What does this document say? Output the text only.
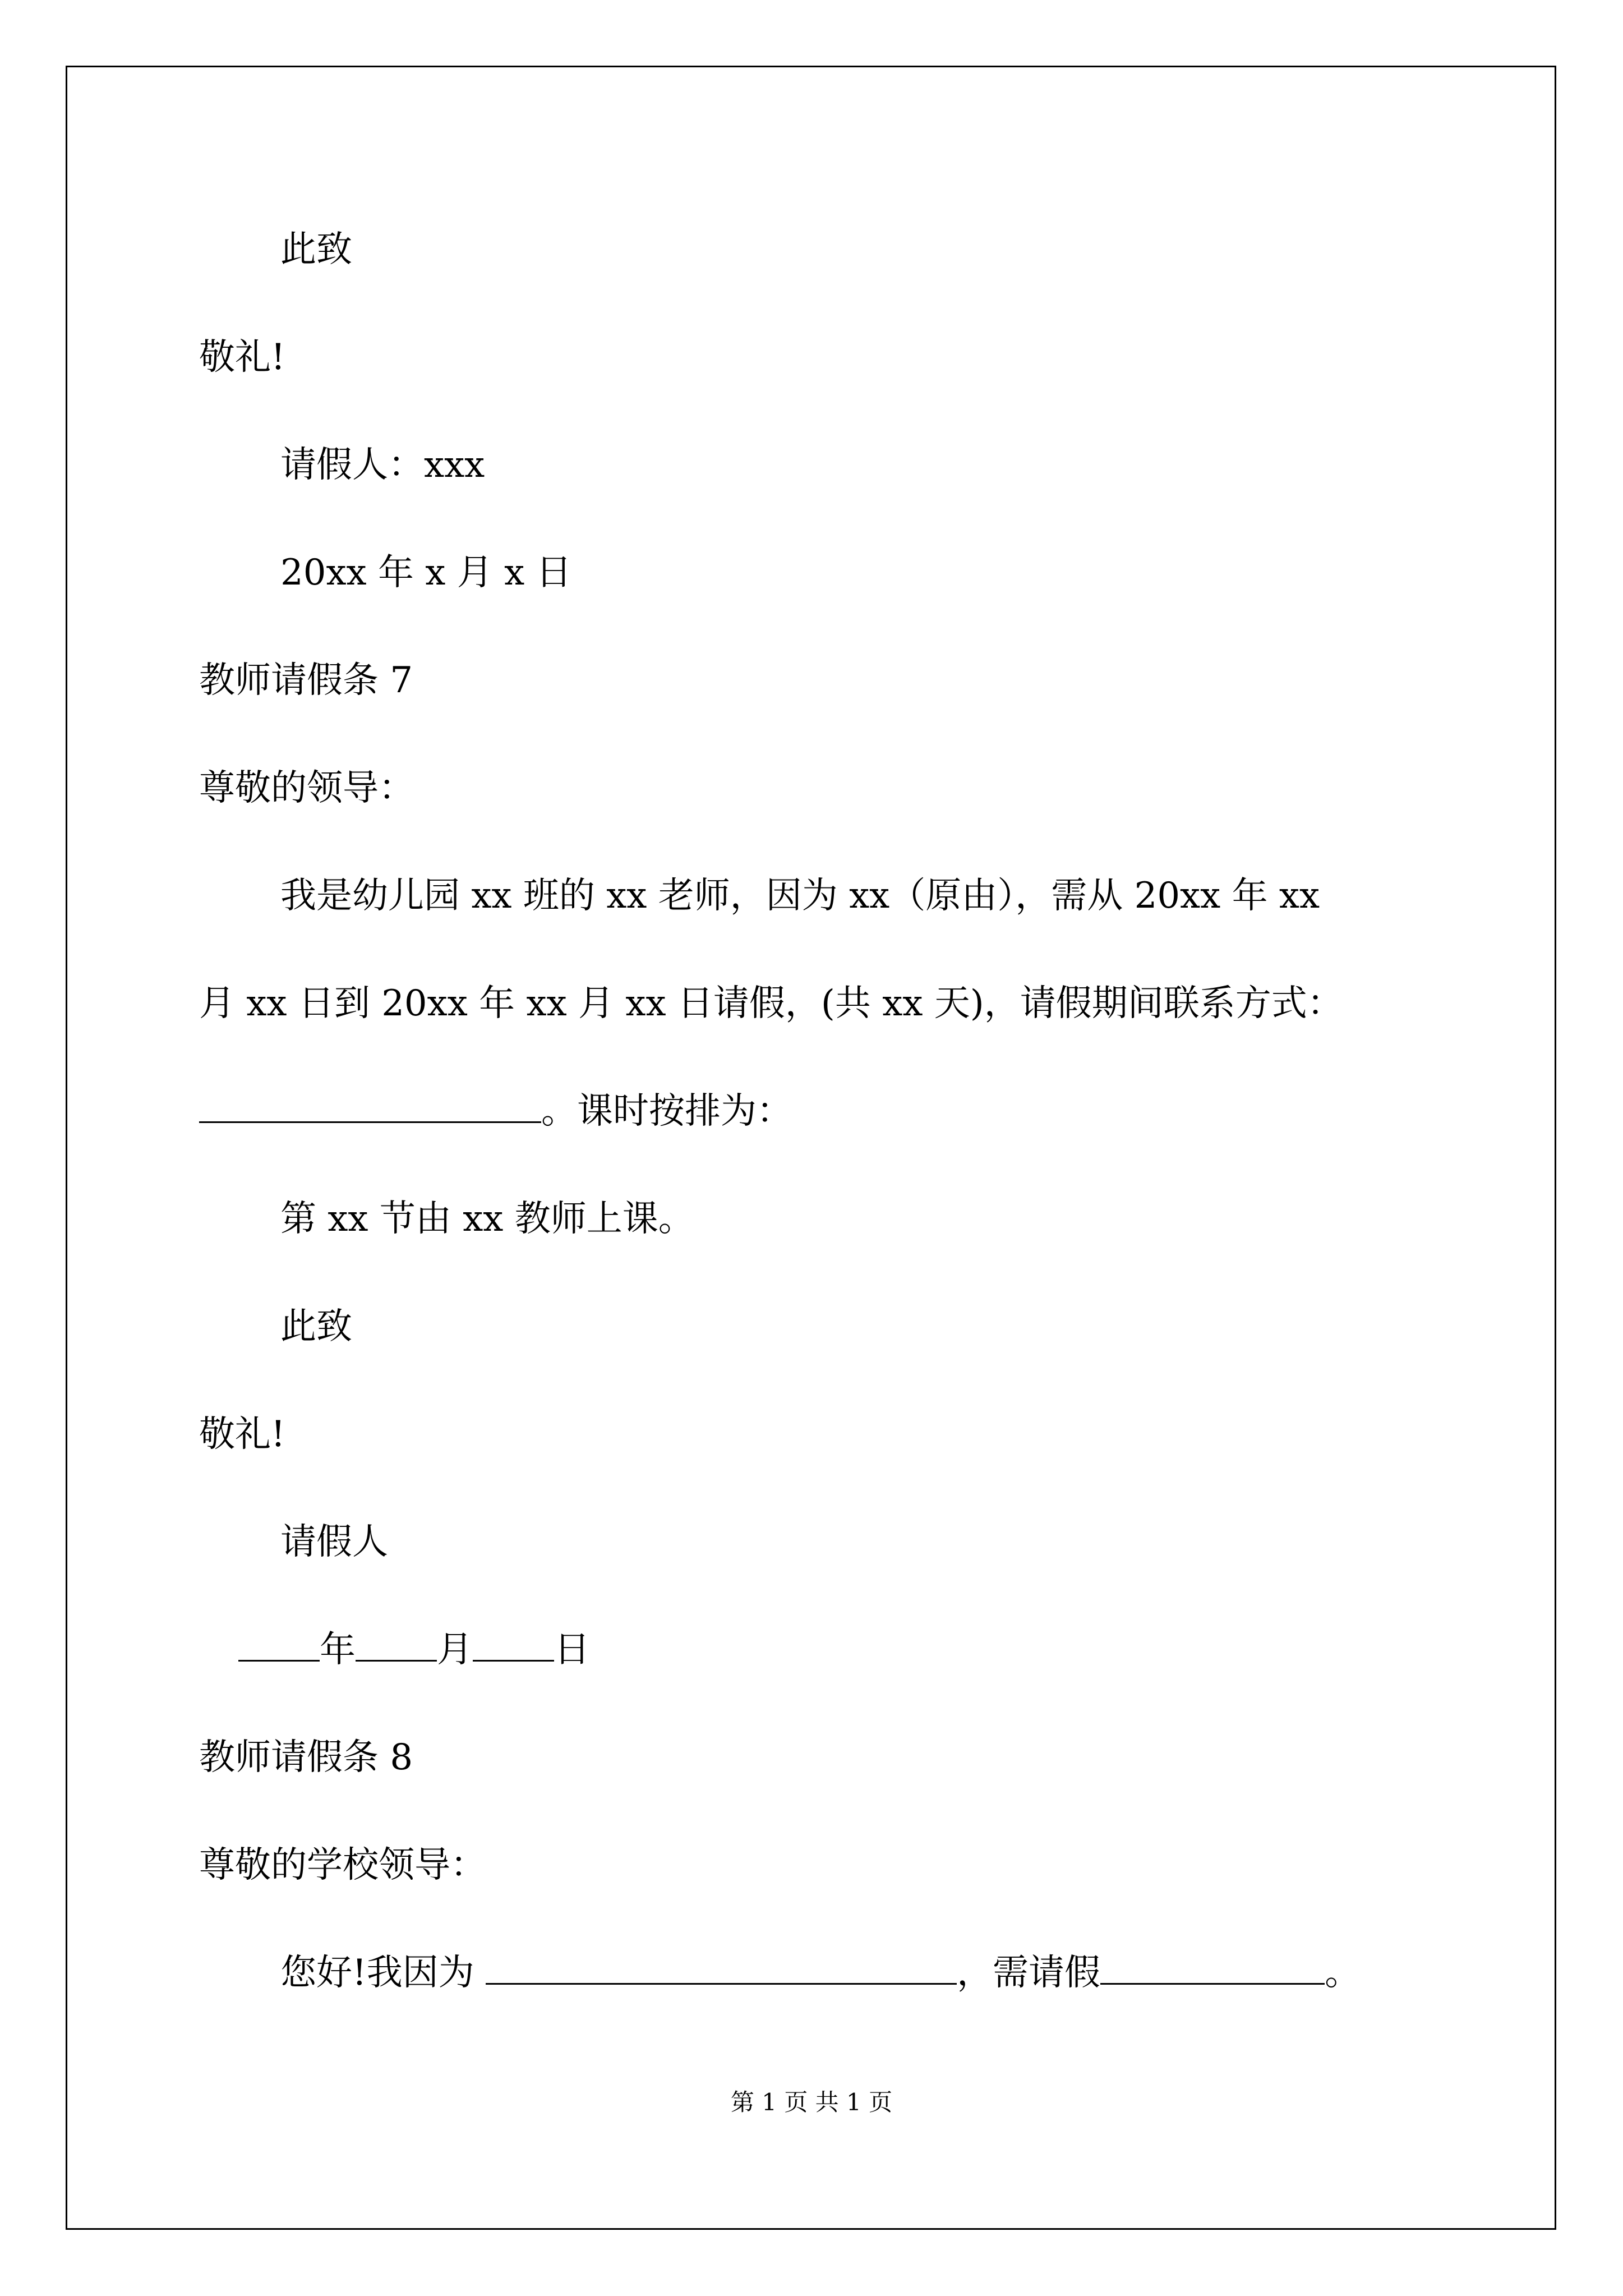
此致
敬礼!
请假人：xxx
20xx 年 x 月 x 日
教师请假条 7
尊敬的领导：
我是幼儿园 xx 班的 xx 老师，因为 xx（原由），需从 20xx 年 xx
月 xx 日到 20xx 年 xx 月 xx 日请假，(共 xx 天)，请假期间联系方式：
。课时按排为：
第 xx 节由 xx 教师上课。
此致
敬礼!
请假人
年 月 日
教师请假条 8
尊敬的学校领导：
您好!我因为	，需请假	。
第 1 页 共 1 页
